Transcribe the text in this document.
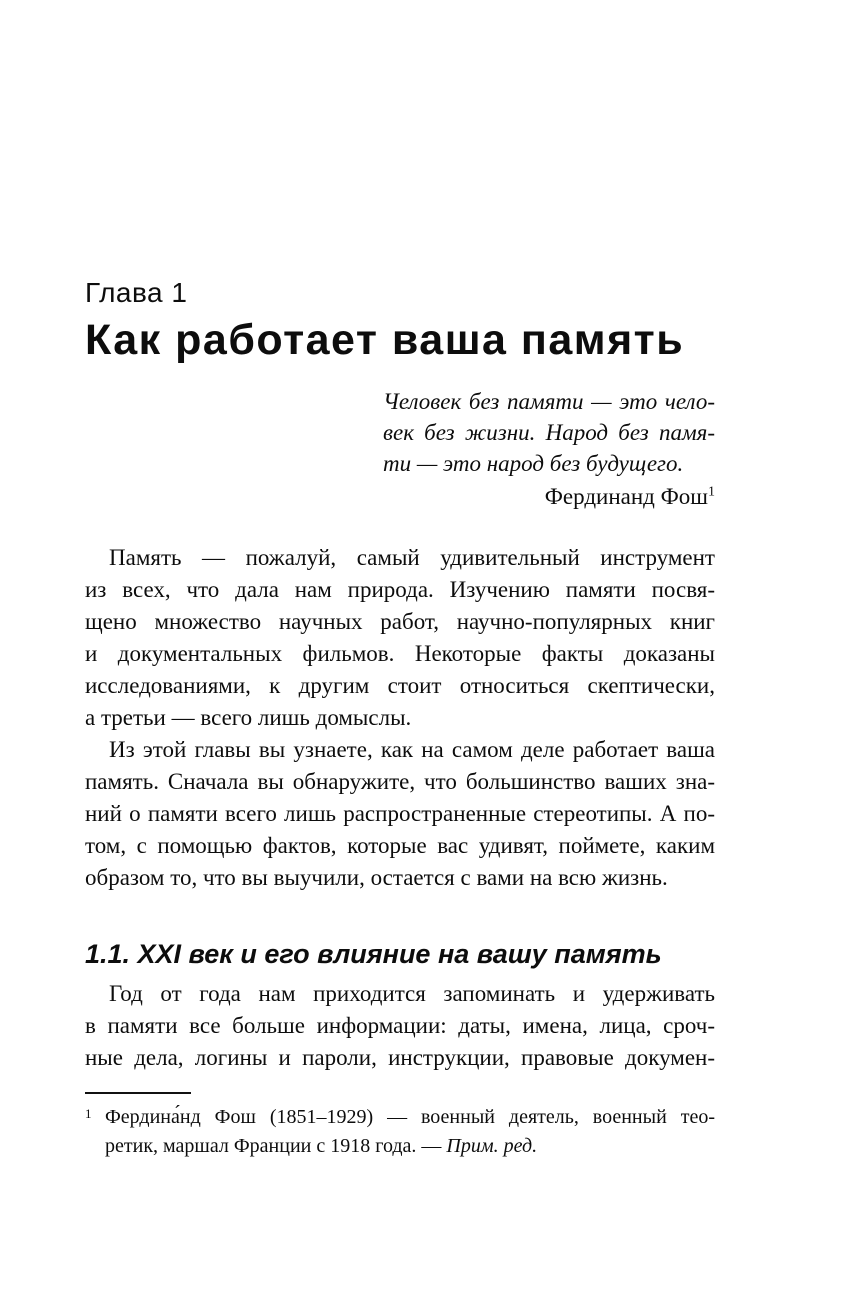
Глава 1
Как работает ваша память
Человек без памяти — это чело-
век без жизни. Народ без памя-
ти — это народ без будущего.
Фердинанд Фош$^1$
Память — пожалуй, самый удивительный инструмент
из всех, что дала нам природа. Изучению памяти посвя-
щено множество научных работ, научно-популярных книг
и документальных фильмов. Некоторые факты доказаны
исследованиями, к другим стоит относиться скептически,
а третьи — всего лишь домыслы.
Из этой главы вы узнаете, как на самом деле работает ваша
память. Сначала вы обнаружите, что большинство ваших зна-
ний о памяти всего лишь распространенные стереотипы. А по-
том, с помощью фактов, которые вас удивят, поймете, каким
образом то, что вы выучили, остается с вами на всю жизнь.
1.1. XXI век и его влияние на вашу память
Год от года нам приходится запоминать и удерживать
в памяти все больше информации: даты, имена, лица, сроч-
ные дела, логины и пароли, инструкции, правовые докумен-
1 Фердина́нд Фош (1851–1929) — военный деятель, военный тео-
ретик, маршал Франции с 1918 года. — Прим. ред.
